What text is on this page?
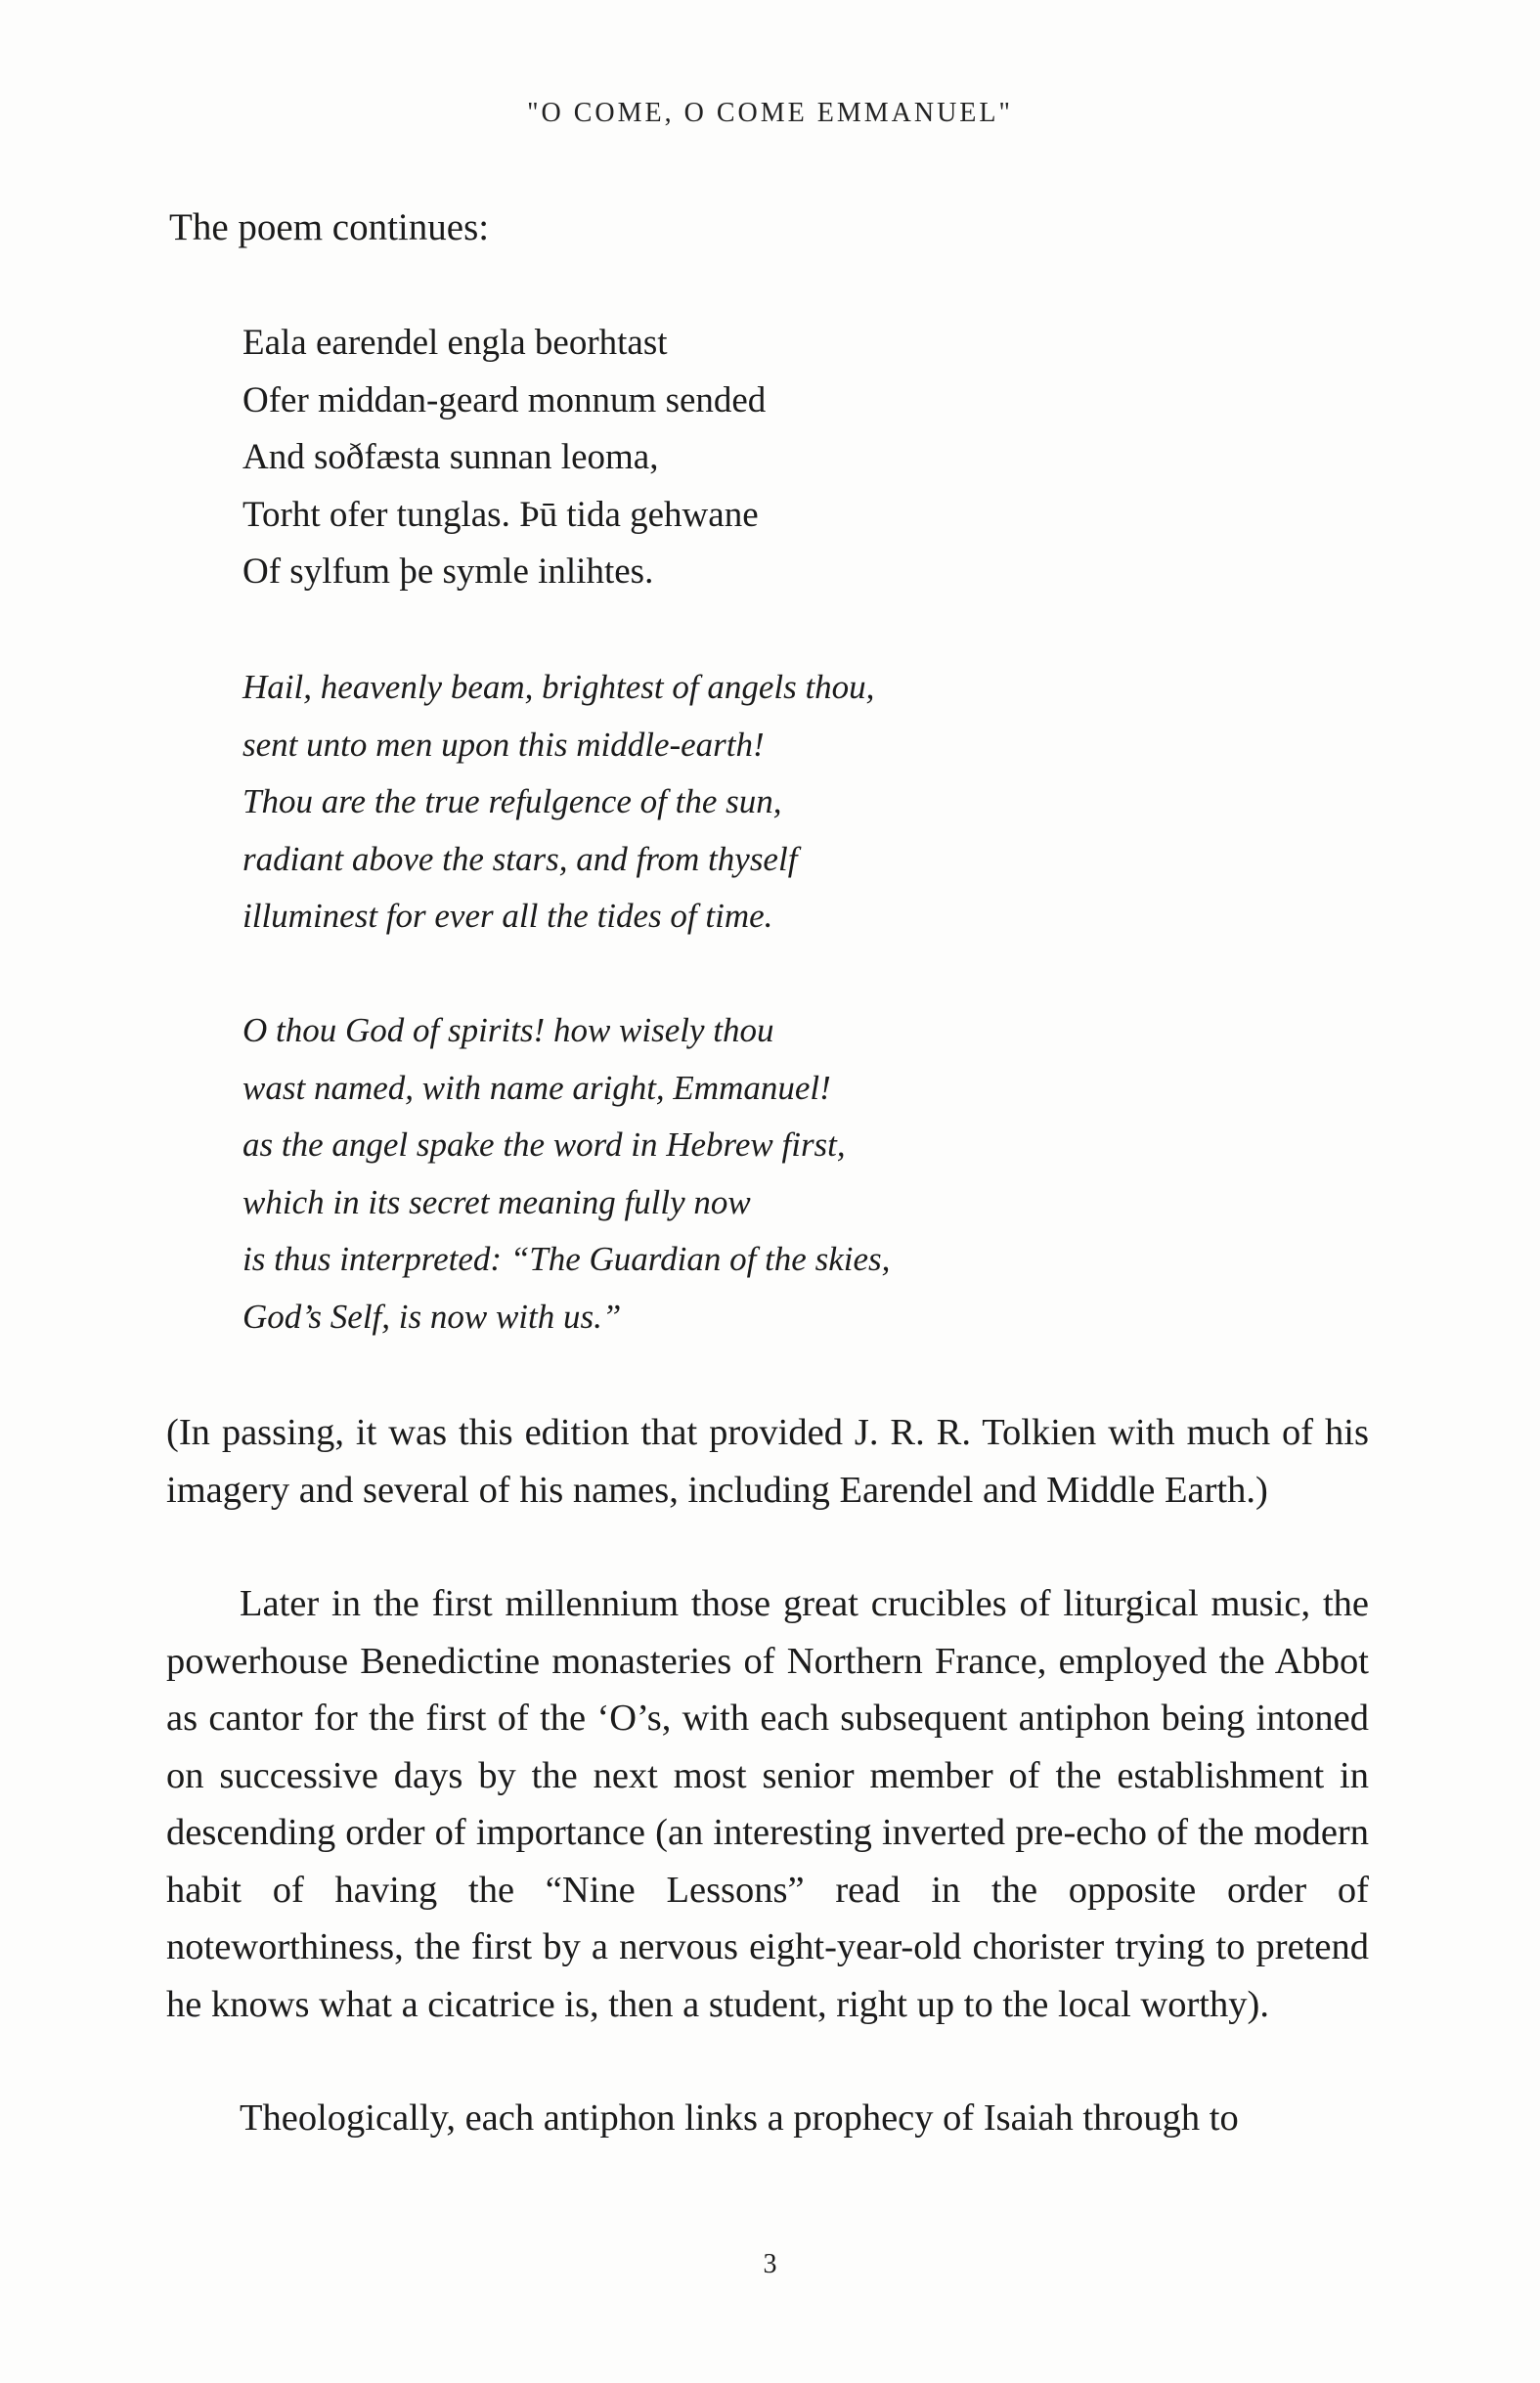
"O COME, O COME EMMANUEL"

The poem continues:

Eala earendel engla beorhtast
Ofer middan-geard monnum sended
And soðfæsta sunnan leoma,
Torht ofer tunglas. Þū tida gehwane
Of sylfum þe symle inlihtes.
Hail, heavenly beam, brightest of angels thou,
sent unto men upon this middle-earth!
Thou are the true refulgence of the sun,
radiant above the stars, and from thyself
illuminest for ever all the tides of time.
O thou God of spirits! how wisely thou
wast named, with name aright, Emmanuel!
as the angel spake the word in Hebrew first,
which in its secret meaning fully now
is thus interpreted: “The Guardian of the skies,
God’s Self, is now with us.”

(In passing, it was this edition that provided J. R. R. Tolkien with much of his imagery and several of his names, including Earendel and Middle Earth.)

Later in the first millennium those great crucibles of liturgical music, the powerhouse Benedictine monasteries of Northern France, employed the Abbot as cantor for the first of the ‘O’s, with each subsequent antiphon being intoned on successive days by the next most senior member of the establishment in descending order of importance (an interesting inverted pre-echo of the modern habit of having the “Nine Lessons” read in the opposite order of noteworthiness, the first by a nervous eight-year-old chorister trying to pretend he knows what a cicatrice is, then a student, right up to the local worthy).

Theologically, each antiphon links a prophecy of Isaiah through to

3
